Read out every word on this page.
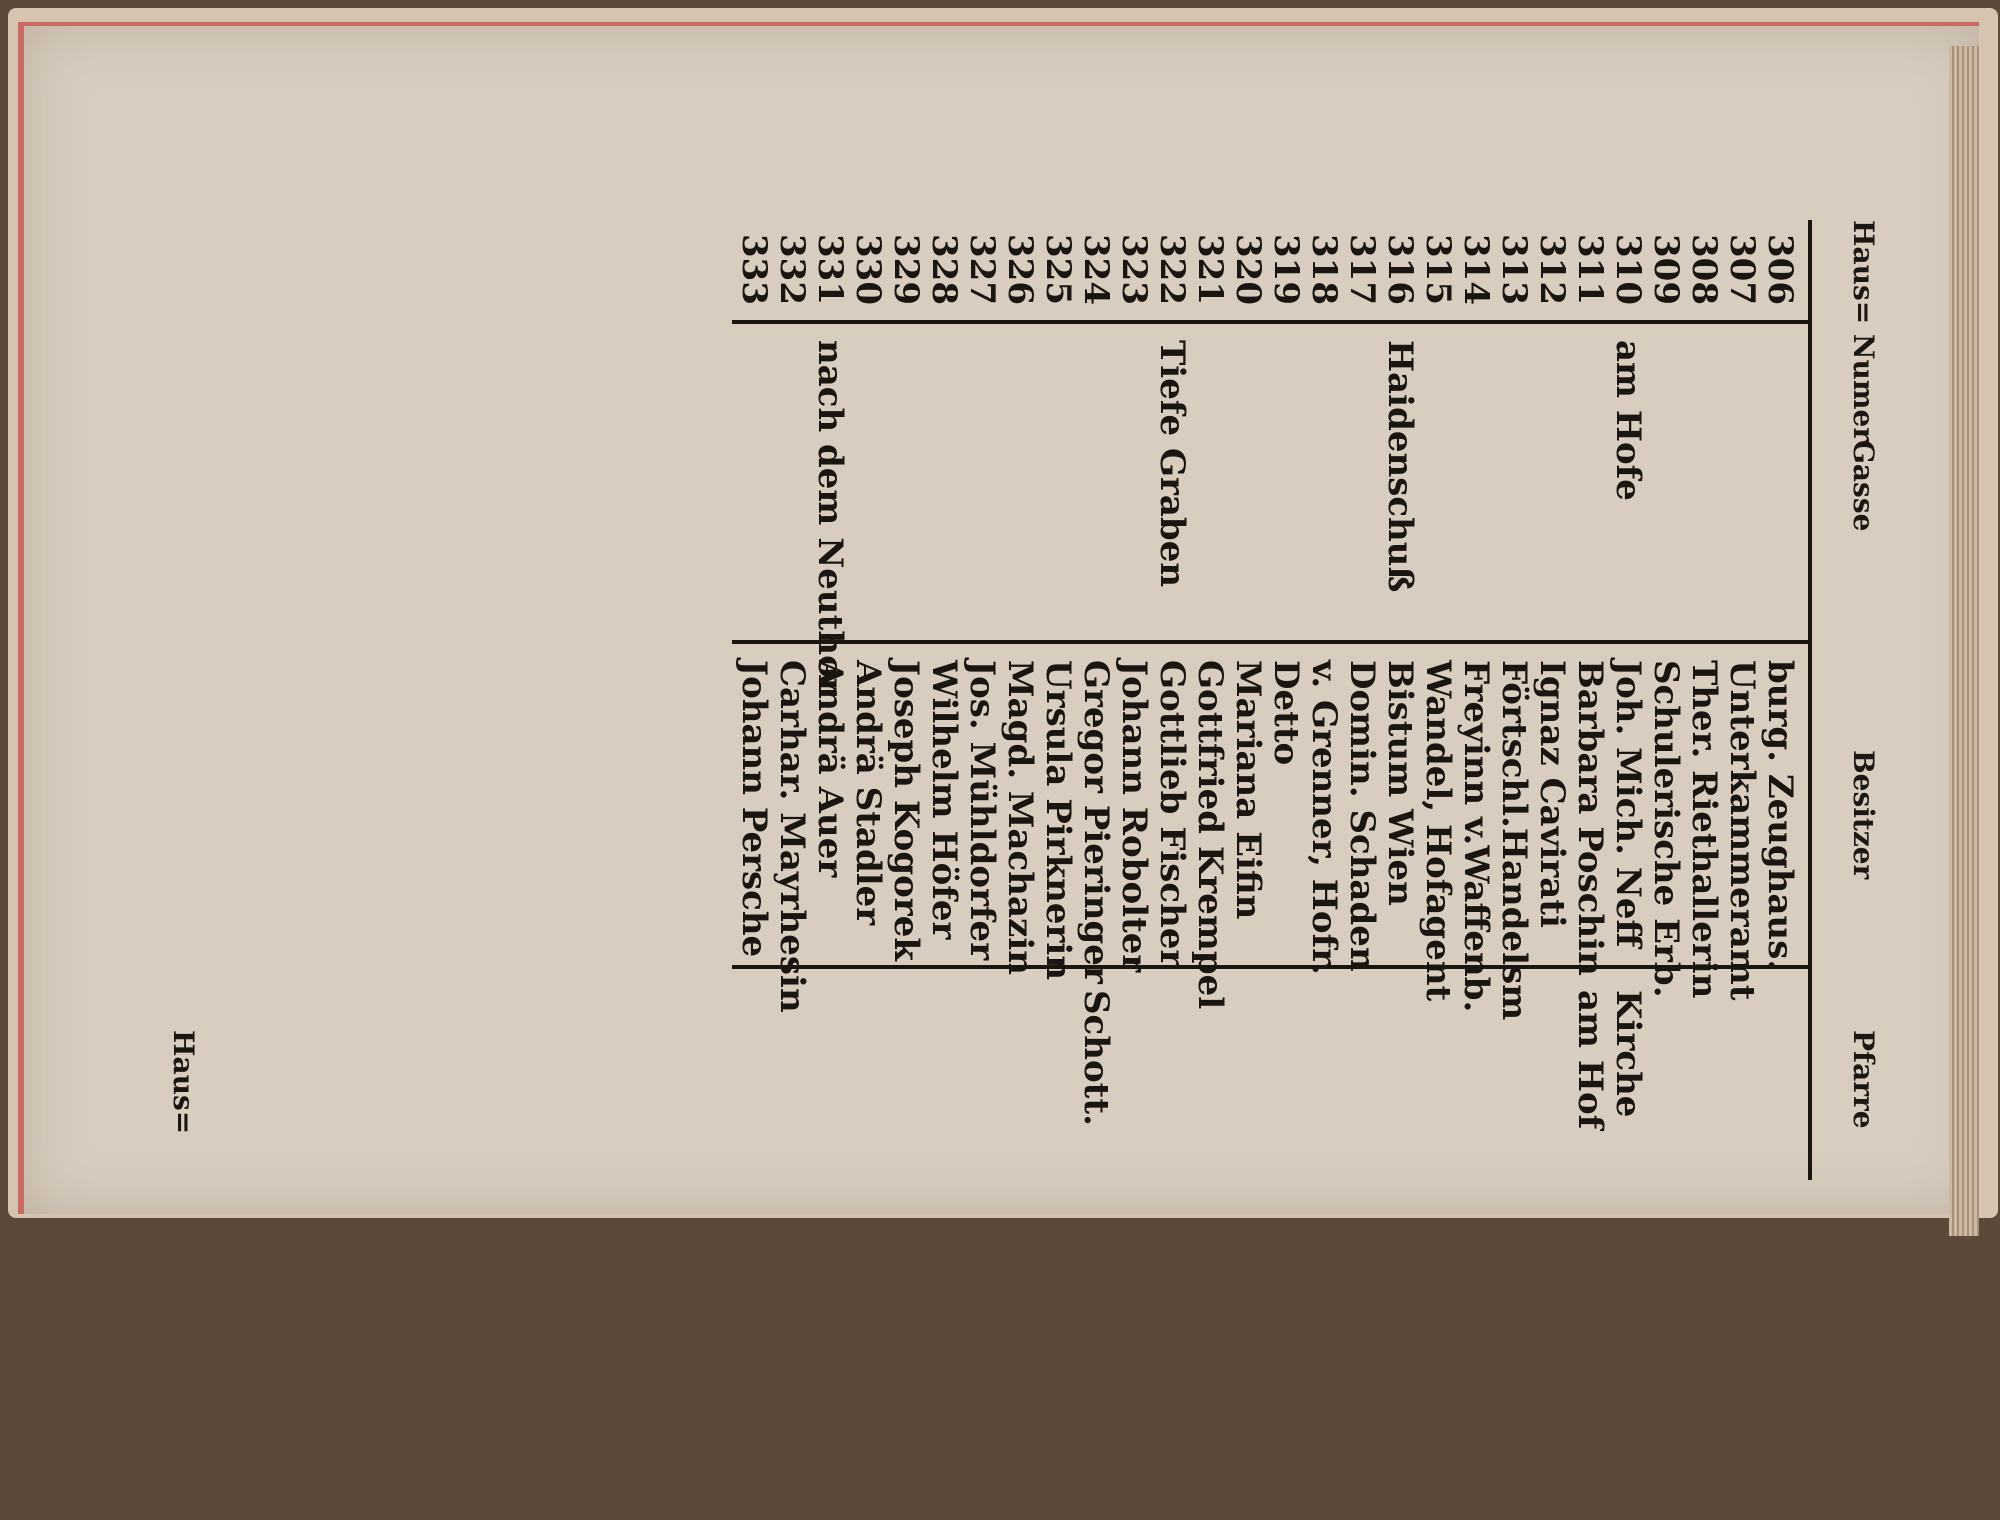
Haus= Numer
Gasse
Besitzer
Pfarre
306
burg. Zeughaus.
307
Unterkammeramt
308
Ther. Riethallerin
309
Schulerische Erb.
310
am Hofe
Joh. Mich. Neff
Kirche
311
Barbara Poschin
am Hof
312
Ignaz Cavirati
313
Förtschl.Handelsm
314
Freyinn v.Waffenb.
315
Wandel, Hofagent
316
Haidenschuß
Bistum Wien
317
Domin. Schaden
318
v. Grenner, Hofr.
319
Detto
320
Mariana Eifin
321
Gottfried Krempel
322
Tiefe Graben
Gottlieb Fischer
323
Johann Robolter
324
Gregor Pieringer
Schott.
325
Ursula Pirknerin
326
Magd. Machazin
327
Jos. Mühldorfer
328
Wilhelm Höfer
329
Joseph Kogorek
330
Andrä Stadler
331
nach dem Neuthor
Andrä Auer
332
Carhar. Mayrhesin
333
Johann Persche
Haus=
